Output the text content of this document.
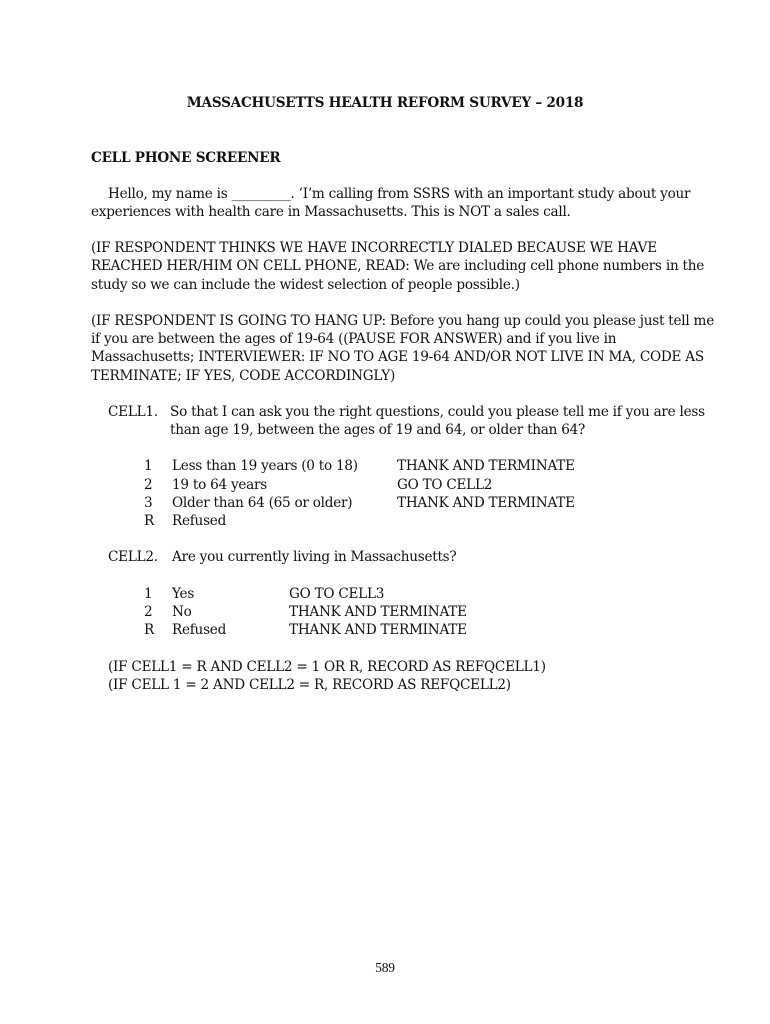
MASSACHUSETTS HEALTH REFORM SURVEY – 2018
CELL PHONE SCREENER
Hello, my name is _________. ’I’m calling from SSRS with an important study about your
experiences with health care in Massachusetts. This is NOT a sales call.
(IF RESPONDENT THINKS WE HAVE INCORRECTLY DIALED BECAUSE WE HAVE
REACHED HER/HIM ON CELL PHONE, READ: We are including cell phone numbers in the
study so we can include the widest selection of people possible.)
(IF RESPONDENT IS GOING TO HANG UP: Before you hang up could you please just tell me
if you are between the ages of 19-64 ((PAUSE FOR ANSWER) and if you live in
Massachusetts; INTERVIEWER: IF NO TO AGE 19-64 AND/OR NOT LIVE IN MA, CODE AS
TERMINATE; IF YES, CODE ACCORDINGLY)
CELL1. So that I can ask you the right questions, could you please tell me if you are less
than age 19, between the ages of 19 and 64, or older than 64?
1 Less than 19 years (0 to 18)	THANK AND TERMINATE
2 19 to 64 years	GO TO CELL2
3 Older than 64 (65 or older)	THANK AND TERMINATE
R Refused
CELL2. Are you currently living in Massachusetts?
1 Yes	GO TO CELL3
2 No	THANK AND TERMINATE
R Refused	THANK AND TERMINATE
(IF CELL1 = R AND CELL2 = 1 OR R, RECORD AS REFQCELL1)
(IF CELL 1 = 2 AND CELL2 = R, RECORD AS REFQCELL2)
589
